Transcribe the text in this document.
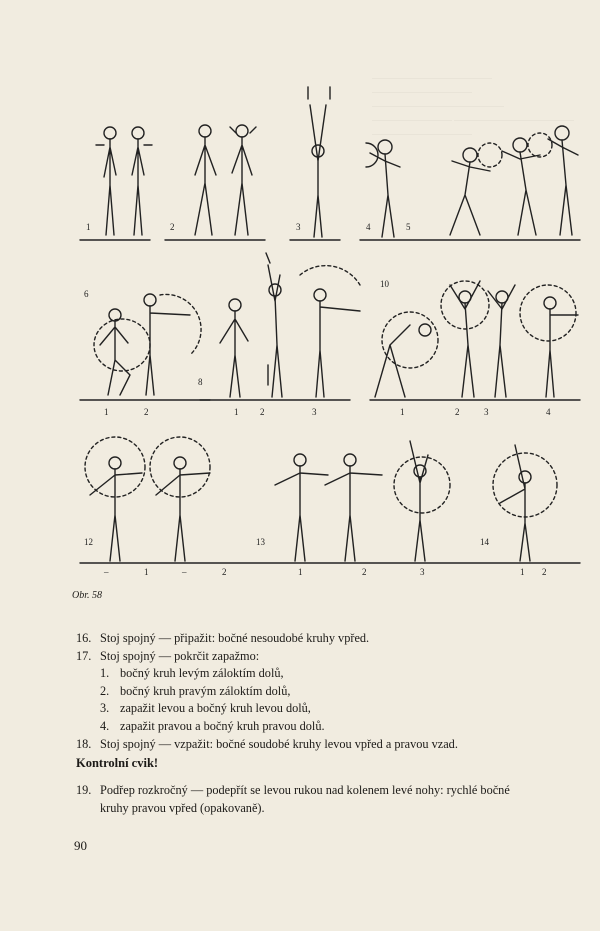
............................................................ .................................................. .................................................................. ........................................ ............................................................ ..................................................
1	2	3	4	5
6
8
10
1	2	1 2	3	1	2	3	4
12	13	14
–	1	–	2	1	2	3	1 2
Obr. 58
16. Stoj spojný — připažit: bočné nesoudobé kruhy vpřed.
17. Stoj spojný — pokrčit zapažmo:
1. bočný kruh levým záloktím dolů,
2. bočný kruh pravým záloktím dolů,
3. zapažit levou a bočný kruh levou dolů,
4. zapažit pravou a bočný kruh pravou dolů.
18. Stoj spojný — vzpažit: bočné soudobé kruhy levou vpřed a pravou vzad.
Kontrolní cvik!
19. Podřep rozkročný — podepřít se levou rukou nad kolenem levé nohy: rychlé bočné
kruhy pravou vpřed (opakovaně).
90
